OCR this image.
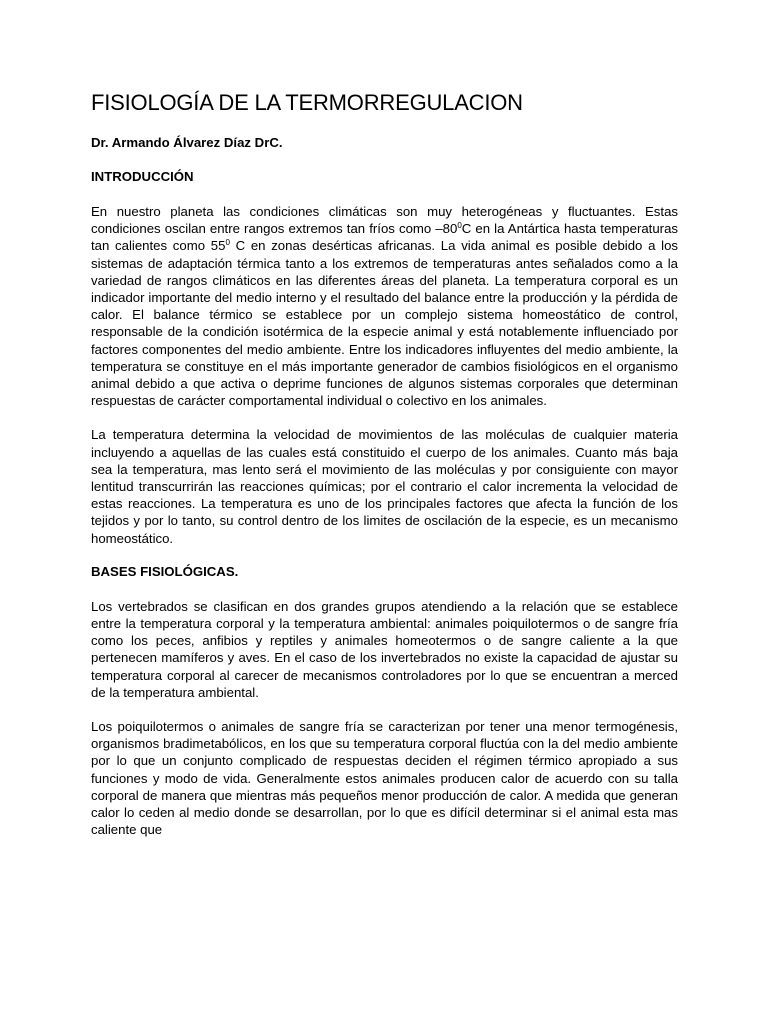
FISIOLOGÍA DE LA TERMORREGULACION
Dr. Armando Álvarez Díaz DrC.
INTRODUCCIÓN

En nuestro planeta las condiciones climáticas son muy heterogéneas y fluctuantes. Estas condiciones oscilan entre rangos extremos tan fríos como $-80^0C$ en la Antártica hasta temperaturas tan calientes como $55^0$ C en zonas desérticas africanas. La vida animal es posible debido a los sistemas de adaptación térmica tanto a los extremos de temperaturas antes señalados como a la variedad de rangos climáticos en las diferentes áreas del planeta. La temperatura corporal es un indicador importante del medio interno y el resultado del balance entre la producción y la pérdida de calor. El balance térmico se establece por un complejo sistema homeostático de control, responsable de la condición isotérmica de la especie animal y está notablemente influenciado por factores componentes del medio ambiente. Entre los indicadores influyentes del medio ambiente, la temperatura se constituye en el más importante generador de cambios fisiológicos en el organismo animal debido a que activa o deprime funciones de algunos sistemas corporales que determinan respuestas de carácter comportamental individual o colectivo en los animales.

La temperatura determina la velocidad de movimientos de las moléculas de cualquier materia incluyendo a aquellas de las cuales está constituido el cuerpo de los animales. Cuanto más baja sea la temperatura, mas lento será el movimiento de las moléculas y por consiguiente con mayor lentitud transcurrirán las reacciones químicas; por el contrario el calor incrementa la velocidad de estas reacciones. La temperatura es uno de los principales factores que afecta la función de los tejidos y por lo tanto, su control dentro de los limites de oscilación de la especie, es un mecanismo homeostático.

BASES FISIOLÓGICAS.

Los vertebrados se clasifican en dos grandes grupos atendiendo a la relación que se establece entre la temperatura corporal y la temperatura ambiental: animales poiquilotermos o de sangre fría como los peces, anfibios y reptiles y animales homeotermos o de sangre caliente a la que pertenecen mamíferos y aves. En el caso de los invertebrados no existe la capacidad de ajustar su temperatura corporal al carecer de mecanismos controladores por lo que se encuentran a merced de la temperatura ambiental.

Los poiquilotermos o animales de sangre fría se caracterizan por tener una menor termogénesis, organismos bradimetabólicos, en los que su temperatura corporal fluctúa con la del medio ambiente por lo que un conjunto complicado de respuestas deciden el régimen térmico apropiado a sus funciones y modo de vida. Generalmente estos animales producen calor de acuerdo con su talla corporal de manera que mientras más pequeños menor producción de calor. A medida que generan calor lo ceden al medio donde se desarrollan, por lo que es difícil determinar si el animal esta mas caliente que
